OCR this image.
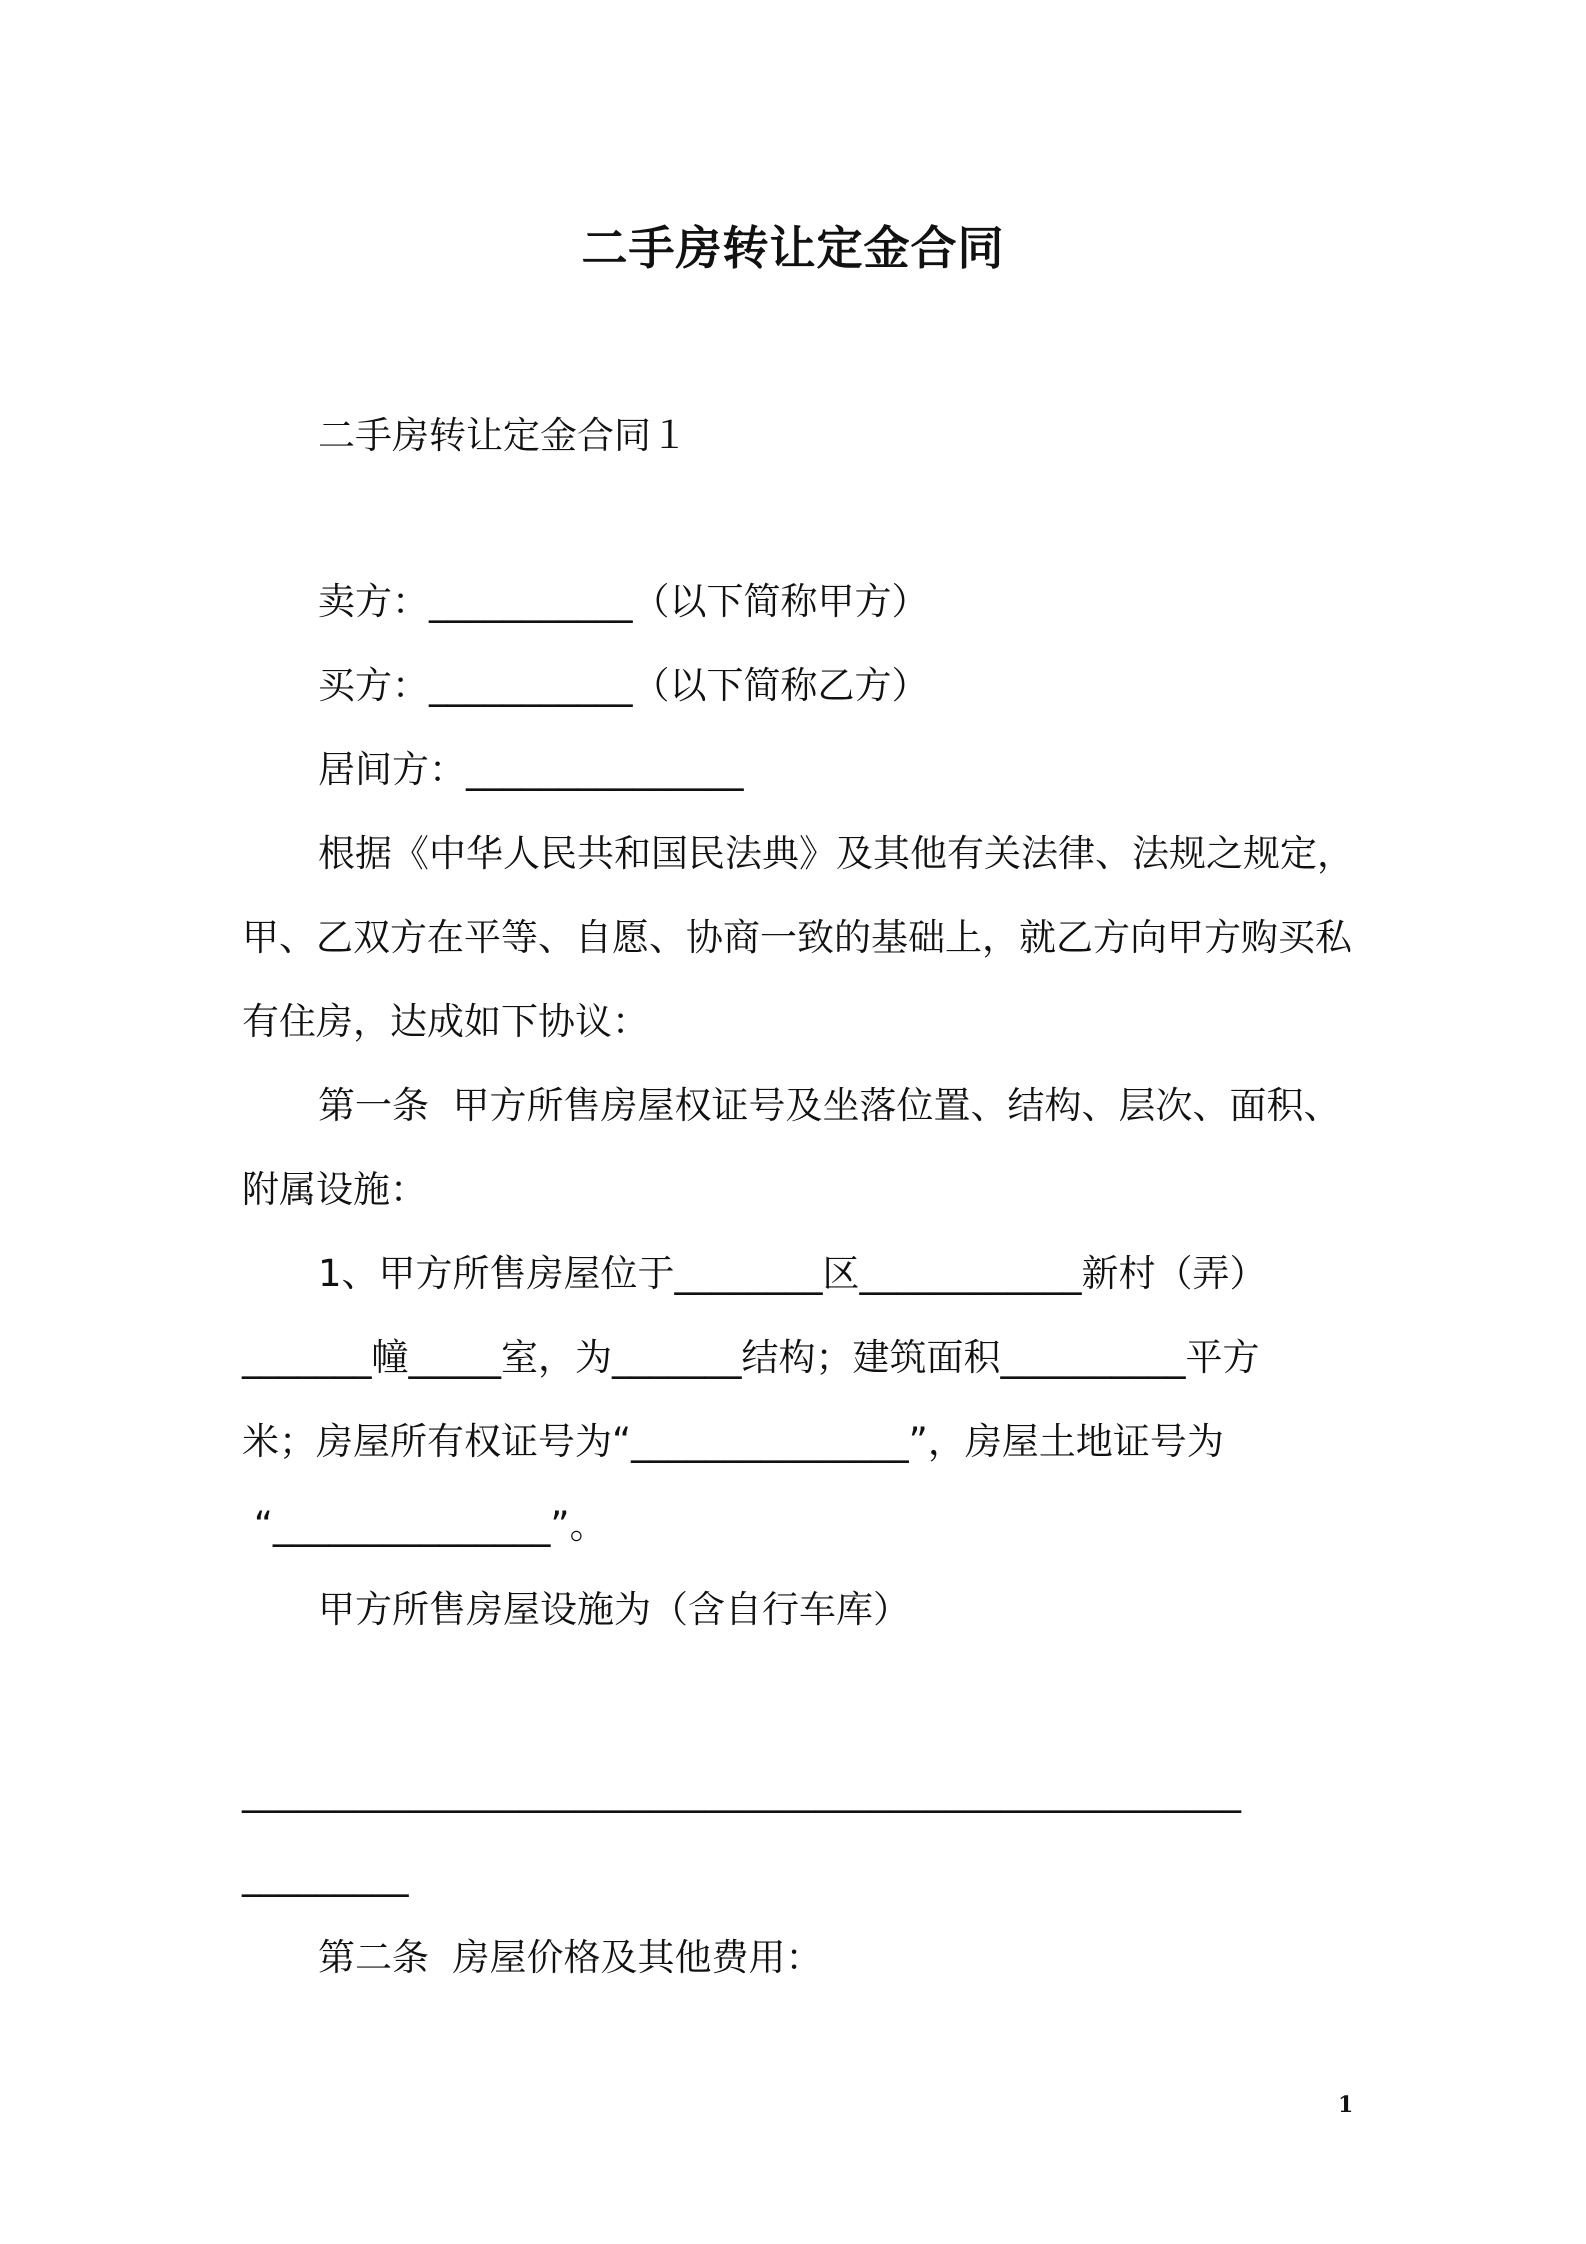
二手房转让定金合同
二手房转让定金合同１
卖方：___________（以下简称甲方）
买方：___________（以下简称乙方）
居间方：_______________
根据《中华人民共和国民法典》及其他有关法律、法规之规定，
甲、乙双方在平等、自愿、协商一致的基础上，就乙方向甲方购买私
有住房，达成如下协议：
第一条  甲方所售房屋权证号及坐落位置、结构、层次、面积、
附属设施：
1、甲方所售房屋位于________区____________新村（弄）
_______幢_____室，为_______结构；建筑面积__________平方
米；房屋所有权证号为“_______________”，房屋土地证号为
“_______________”。
甲方所售房屋设施为（含自行车库）
______________________________________________________
_________
第二条  房屋价格及其他费用：
1
